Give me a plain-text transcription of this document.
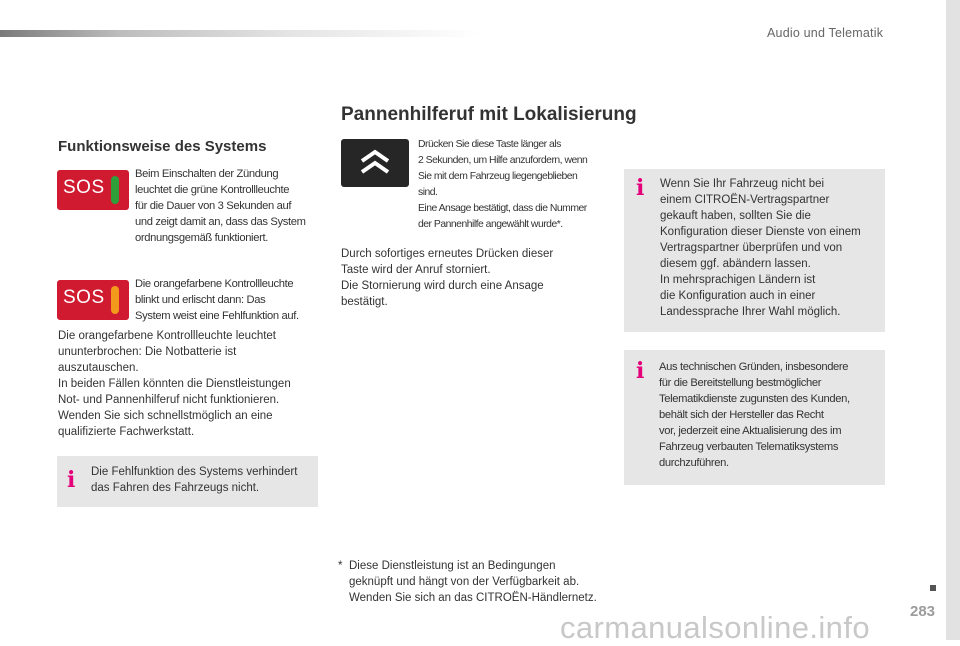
Audio und Telematik
283
Pannenhilferuf mit Lokalisierung
Funktionsweise des Systems
SOS
Beim Einschalten der Zündung
leuchtet die grüne Kontrollleuchte
für die Dauer von 3 Sekunden auf
und zeigt damit an, dass das System
ordnungsgemäß funktioniert.
SOS
Die orangefarbene Kontrollleuchte
blinkt und erlischt dann: Das
System weist eine Fehlfunktion auf.
Die orangefarbene Kontrollleuchte leuchtet
ununterbrochen: Die Notbatterie ist
auszutauschen.
In beiden Fällen könnten die Dienstleistungen
Not- und Pannenhilferuf nicht funktionieren.
Wenden Sie sich schnellstmöglich an eine
qualifizierte Fachwerkstatt.
i Die Fehlfunktion des Systems verhindert
das Fahren des Fahrzeugs nicht.
Drücken Sie diese Taste länger als
2 Sekunden, um Hilfe anzufordern, wenn
Sie mit dem Fahrzeug liegengeblieben
sind.
Eine Ansage bestätigt, dass die Nummer
der Pannenhilfe angewählt wurde*.
Durch sofortiges erneutes Drücken dieser
Taste wird der Anruf storniert.
Die Stornierung wird durch eine Ansage
bestätigt.
* Diese Dienstleistung ist an Bedingungen
geknüpft und hängt von der Verfügbarkeit ab.
Wenden Sie sich an das CITROËN-Händlernetz.
i Wenn Sie Ihr Fahrzeug nicht bei
einem CITROËN-Vertragspartner
gekauft haben, sollten Sie die
Konfiguration dieser Dienste von einem
Vertragspartner überprüfen und von
diesem ggf. abändern lassen.
In mehrsprachigen Ländern ist
die Konfiguration auch in einer
Landessprache Ihrer Wahl möglich.
i Aus technischen Gründen, insbesondere
für die Bereitstellung bestmöglicher
Telematikdienste zugunsten des Kunden,
behält sich der Hersteller das Recht
vor, jederzeit eine Aktualisierung des im
Fahrzeug verbauten Telematiksystems
durchzuführen.
carmanualsonline.info
